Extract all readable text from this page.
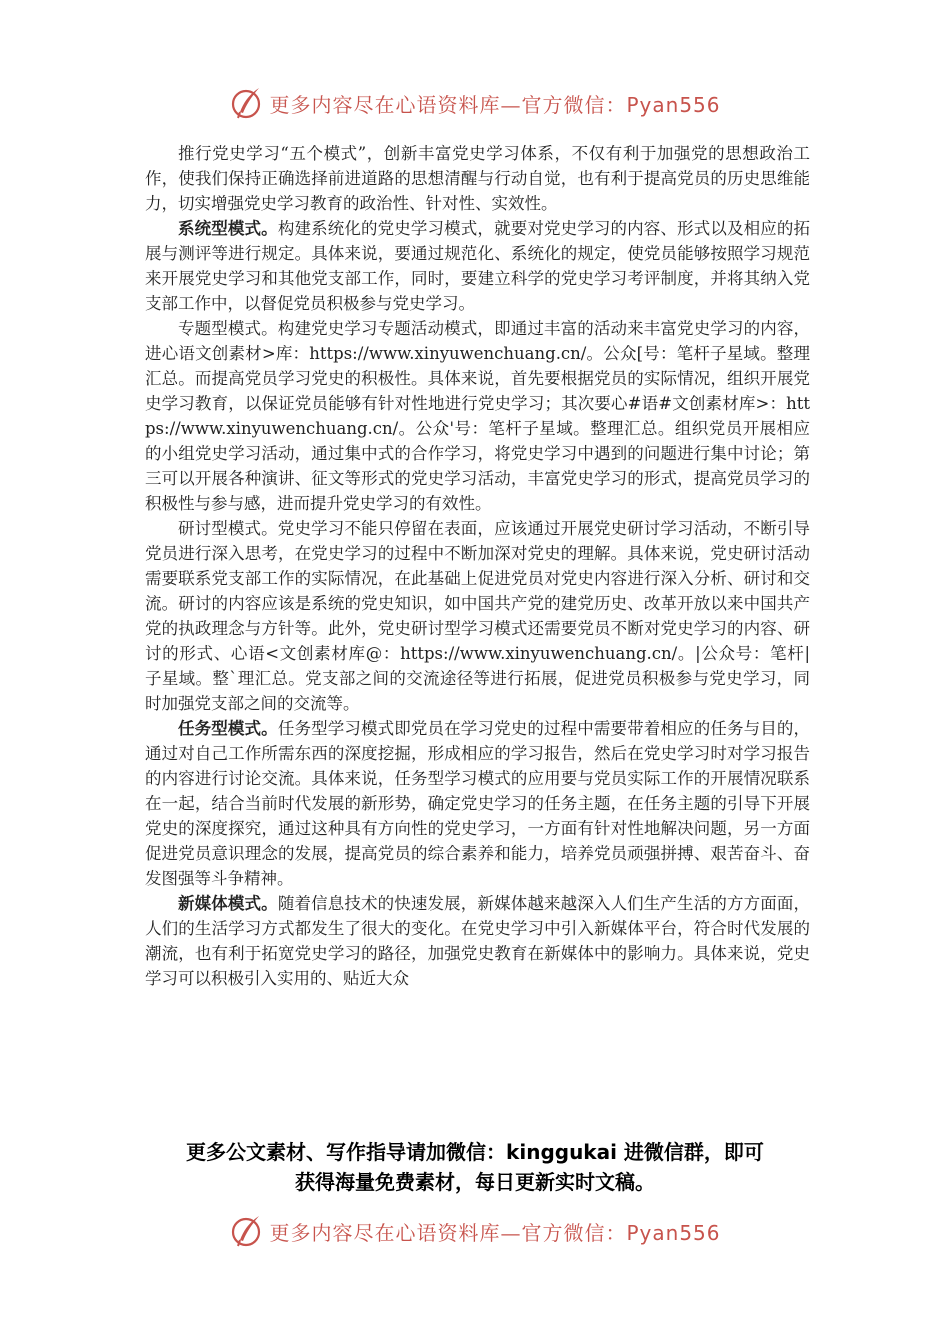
更多内容尽在心语资料库—官方微信：Pyan556

推行党史学习“五个模式”，创新丰富党史学习体系，不仅有利于加强党的思想政治工作，使我们保持正确选择前进道路的思想清醒与行动自觉，也有利于提高党员的历史思维能力，切实增强党史学习教育的政治性、针对性、实效性。

系统型模式。构建系统化的党史学习模式，就要对党史学习的内容、形式以及相应的拓展与测评等进行规定。具体来说，要通过规范化、系统化的规定，使党员能够按照学习规范来开展党史学习和其他党支部工作，同时，要建立科学的党史学习考评制度，并将其纳入党支部工作中，以督促党员积极参与党史学习。

专题型模式。构建党史学习专题活动模式，即通过丰富的活动来丰富党史学习的内容，进心语文创素材>库：https://www.xinyuwenchuang.cn/。公众[号：笔杆子星域。整理汇总。而提高党员学习党史的积极性。具体来说，首先要根据党员的实际情况，组织开展党史学习教育，以保证党员能够有针对性地进行党史学习；其次要心#语#文创素材库>：https://www.xinyuwenchuang.cn/。公众'号：笔杆子星域。整理汇总。组织党员开展相应的小组党史学习活动，通过集中式的合作学习，将党史学习中遇到的问题进行集中讨论；第三可以开展各种演讲、征文等形式的党史学习活动，丰富党史学习的形式，提高党员学习的积极性与参与感，进而提升党史学习的有效性。

研讨型模式。党史学习不能只停留在表面，应该通过开展党史研讨学习活动，不断引导党员进行深入思考，在党史学习的过程中不断加深对党史的理解。具体来说，党史研讨活动需要联系党支部工作的实际情况，在此基础上促进党员对党史内容进行深入分析、研讨和交流。研讨的内容应该是系统的党史知识，如中国共产党的建党历史、改革开放以来中国共产党的执政理念与方针等。此外，党史研讨型学习模式还需要党员不断对党史学习的内容、研讨的形式、心语<文创素材库@：https://www.xinyuwenchuang.cn/。|公众号：笔杆|子星域。整`理汇总。党支部之间的交流途径等进行拓展，促进党员积极参与党史学习，同时加强党支部之间的交流等。

任务型模式。任务型学习模式即党员在学习党史的过程中需要带着相应的任务与目的，通过对自己工作所需东西的深度挖掘，形成相应的学习报告，然后在党史学习时对学习报告的内容进行讨论交流。具体来说，任务型学习模式的应用要与党员实际工作的开展情况联系在一起，结合当前时代发展的新形势，确定党史学习的任务主题，在任务主题的引导下开展党史的深度探究，通过这种具有方向性的党史学习，一方面有针对性地解决问题，另一方面促进党员意识理念的发展，提高党员的综合素养和能力，培养党员顽强拼搏、艰苦奋斗、奋发图强等斗争精神。

新媒体模式。随着信息技术的快速发展，新媒体越来越深入人们生产生活的方方面面，人们的生活学习方式都发生了很大的变化。在党史学习中引入新媒体平台，符合时代发展的潮流，也有利于拓宽党史学习的路径，加强党史教育在新媒体中的影响力。具体来说，党史学习可以积极引入实用的、贴近大众

更多公文素材、写作指导请加微信：kinggukai 进微信群，即可
获得海量免费素材，每日更新实时文稿。
更多内容尽在心语资料库—官方微信：Pyan556
